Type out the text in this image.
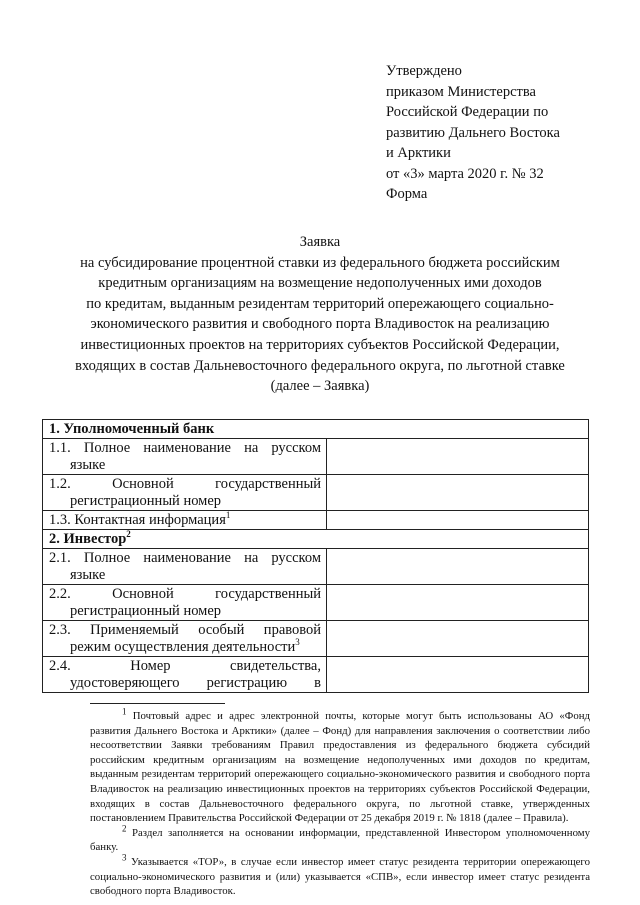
Утверждено
приказом Министерства
Российской Федерации по
развитию Дальнего Востока
и Арктики
от «3» марта 2020 г. № 32
Форма
Заявка
на субсидирование процентной ставки из федерального бюджета российским
кредитным организациям на возмещение недополученных ими доходов
по кредитам, выданным резидентам территорий опережающего социально-
экономического развития и свободного порта Владивосток на реализацию
инвестиционных проектов на территориях субъектов Российской Федерации,
входящих в состав Дальневосточного федерального округа, по льготной ставке
(далее – Заявка)
1. Уполномоченный банк	

1.1. Полное наименование на русском
языке	

1.2. Основной государственный
регистрационный номер	

1.3. Контактная информация$^1$	
2. Инвестор$^2$

2.1. Полное наименование на русском
языке	

2.2. Основной государственный
регистрационный номер	

2.3. Применяемый особый правовой
режим осуществления деятельности$^3$

2.4. Номер свидетельства,
удостоверяющего регистрацию в	

$^1$ Почтовый адрес и адрес электронной почты, которые могут быть использованы АО «Фонд развития Дальнего Востока и Арктики» (далее – Фонд) для направления заключения о соответствии либо несоответствии Заявки требованиям Правил предоставления из федерального бюджета субсидий российским кредитным организациям на возмещение недополученных ими доходов по кредитам, выданным резидентам территорий опережающего социально-экономического развития и свободного порта Владивосток на реализацию инвестиционных проектов на территориях субъектов Российской Федерации, входящих в состав Дальневосточного федерального округа, по льготной ставке, утвержденных постановлением Правительства Российской Федерации от 25 декабря 2019 г. № 1818 (далее – Правила).

$^2$ Раздел заполняется на основании информации, представленной Инвестором уполномоченному банку.

$^3$ Указывается «ТОР», в случае если инвестор имеет статус резидента территории опережающего социально-экономического развития и (или) указывается «СПВ», если инвестор имеет статус резидента свободного порта Владивосток.
